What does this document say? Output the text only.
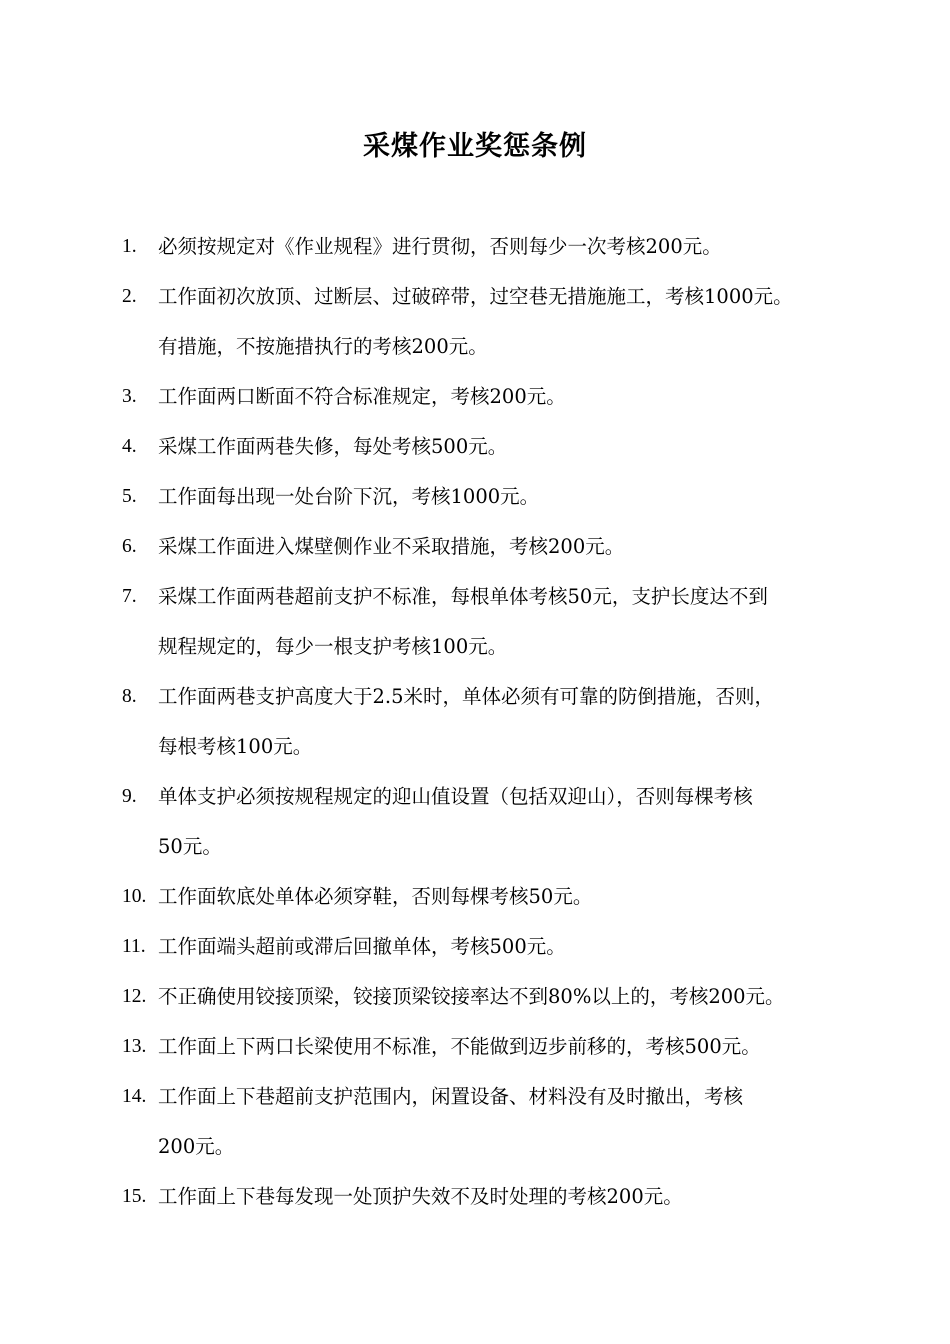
采煤作业奖惩条例
1. 必须按规定对《作业规程》进行贯彻，否则每少一次考核200元。
2. 工作面初次放顶、过断层、过破碎带，过空巷无措施施工，考核1000元。
有措施，不按施措执行的考核200元。
3. 工作面两口断面不符合标准规定，考核200元。
4. 采煤工作面两巷失修，每处考核500元。
5. 工作面每出现一处台阶下沉，考核1000元。
6. 采煤工作面进入煤壁侧作业不采取措施，考核200元。
7. 采煤工作面两巷超前支护不标准，每根单体考核50元，支护长度达不到
规程规定的，每少一根支护考核100元。
8. 工作面两巷支护高度大于2.5米时，单体必须有可靠的防倒措施，否则，
每根考核100元。
9. 单体支护必须按规程规定的迎山值设置（包括双迎山），否则每棵考核
50元。
10. 工作面软底处单体必须穿鞋，否则每棵考核50元。
11. 工作面端头超前或滞后回撤单体，考核500元。
12. 不正确使用铰接顶梁，铰接顶梁铰接率达不到80%以上的，考核200元。
13. 工作面上下两口长梁使用不标准，不能做到迈步前移的，考核500元。
14. 工作面上下巷超前支护范围内，闲置设备、材料没有及时撤出，考核
200元。
15. 工作面上下巷每发现一处顶护失效不及时处理的考核200元。
